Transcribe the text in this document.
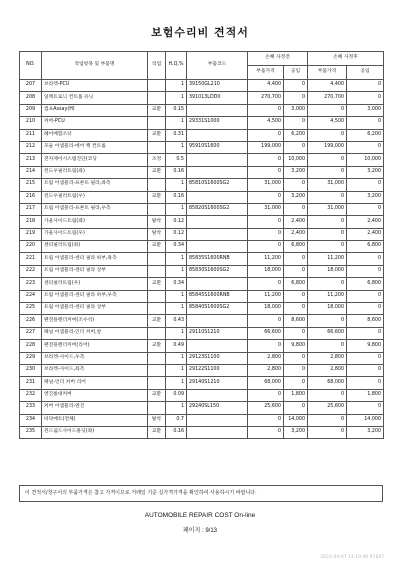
보험수리비 견적서
NO.	작업항목 및 부품명	작업	H,Q,%	부품코드	손해 사정전		손해 사정후	
					부품가격	공임	부품가격	공임
207	브라켓-PCU		1	39150GL210	4,400	0	4,400	0
208	일렉트로닉 컨트롤 유닛		1	391013LDD0	270,700	0	270,700	0
209	컴프Assay(H)	교환	0.15		0	3,000	0	3,000
210	커버-PCU		1	29331S1000	4,500	0	4,500	0
211	헤어배합조터	교환	0.31		0	6,200	0	6,200
212	모듈 어셈블리-에어 백 컨트롤		1	95910S1600	199,000	0	199,000	0
213	전자제어시스템진단(코딩	조정	0.5		0	10,000	0	10,000
214	윈도우필러트림(좌)	교환	0.16		0	3,200	0	3,200
215	트림 어셈블리-프론트 필라,좌측		1	85810S1600SG2	31,000	0	31,000	0
216	윈도우필러트림(우)	교환	0.16		0	3,200	0	3,200
217	트림 어셈블리-프론트 필라,우측		1	85820S1600SG2	31,000	0	31,000	0
218	가울사이드트림(좌)	탈착	0.12		0	2,400	0	2,400
219	가울사이드트림(우)	탈착	0.12		0	2,400	0	2,400
220	센터필러트림(좌)	교환	0.34		0	6,800	0	6,800
221	트림 어셈블리-센터 필라 하부,좌측		1	85835S1600RNB	11,200	0	11,200	0
222	트림 어셈블리-센터 필라 상부		1	85830S1600SG2	18,000	0	18,000	0
223	센터필러트림(우)	교환	0.34		0	6,800	0	6,800
224	트림 어셈블리-센터 필라 하부,우측		1	85845S1600RNB	11,200	0	11,200	0
225	트림 어셈블리-센터 필라 상부		1	85840S1600SG2	18,000	0	18,000	0
226	팬전플렌더커버(조수석)	교환	0.43		0	8,600	0	8,600
227	패널 어셈블리-인더 커버,앞		1	29110S1210	66,600	0	66,600	0
228	팬전플렌더커버(리어)	교환	0.49		0	9,800	0	9,800
229	브라켓-사이드,우측		1	29123S1100	2,800	0	2,800	0
230	브라켓-사이드,좌측		1	29122S1100	2,800	0	2,800	0
231	패널-언더 커버 리어		1	29140S1210	68,000	0	68,000	0
232	엔진룸대커버	교환	0.09		0	1,800	0	1,800
233	커버 어셈블리-엔진		1	29240SL150	25,600	0	25,600	0
234	바닥매트(전체)	탈착	0.7		0	14,000	0	14,000
235	윈드쉴드사이드몰딩(좌)	교환	0.16		0	3,200	0	3,200
이 견적서/청구서의 부품가격은 참고 가격이므로 거래일 기준 실가격가격을 확인하여 사용하시기 바랍니다.
AUTOMOBILE REPAIR COST On-line
페이지 : 9/13
2023-04-07 14:10:46 R76II7
